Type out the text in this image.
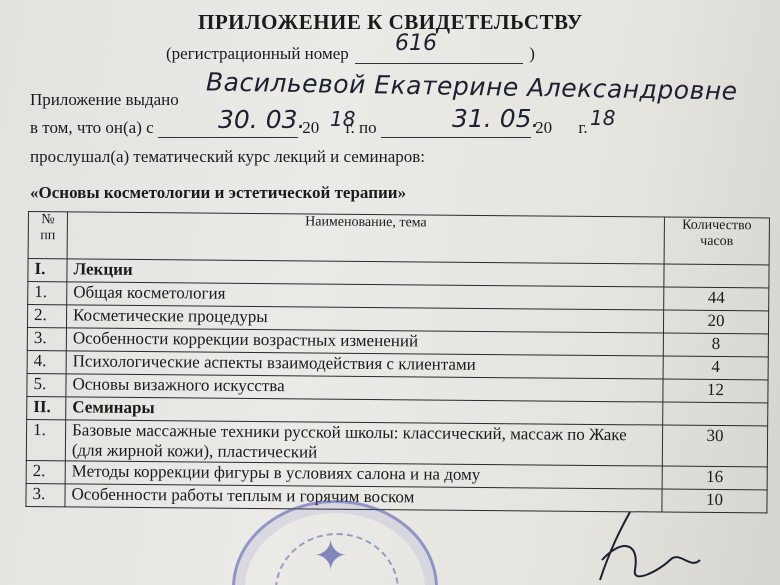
ПРИЛОЖЕНИЕ К СВИДЕТЕЛЬСТВУ
(регистрационный номер 616	)
Приложение выдано Васильевой Екатерине Александровне
в том, что он(а) с	20 г. по	20 г.
30. 03. 18	31. 05.	18
прослушал(а) тематический курс лекций и семинаров:
«Основы косметологии и эстетической терапии»
№ пп	Наименование, тема	Количество часов
I.	Лекции	
1.	Общая косметология	44
2.	Косметические процедуры	20
3.	Особенности коррекции возрастных изменений	8
4.	Психологические аспекты взаимодействия с клиентами	4
5.	Основы визажного искусства	12
II.	Семинары	
1.	Базовые массажные техники русской школы: классический, массаж по Жаке (для жирной кожи), пластический	30
2.	Методы коррекции фигуры в условиях салона и на дому	16
3.	Особенности работы теплым и горячим воском	10
✦
